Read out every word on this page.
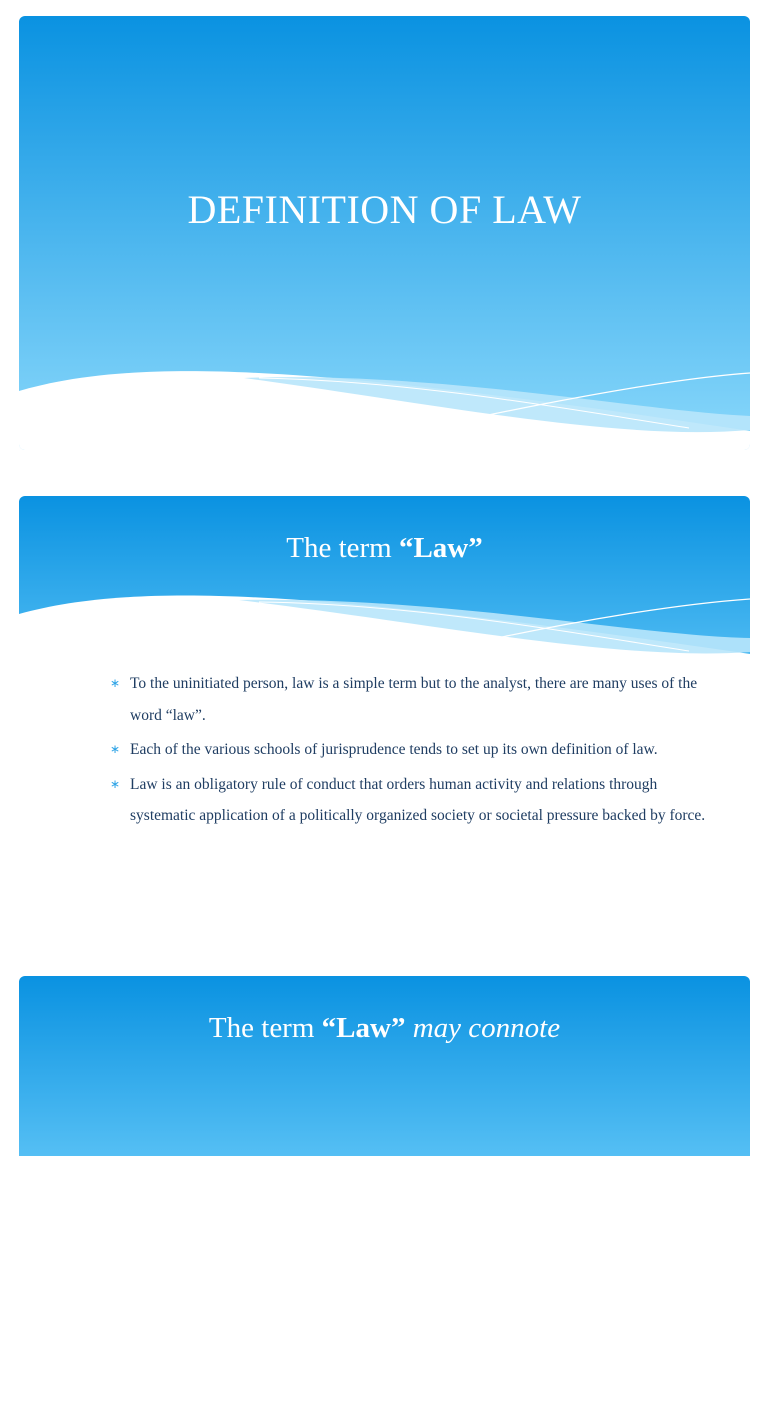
DEFINITION OF LAW
The term “Law”
∗ To the uninitiated person, law is a simple term but to the analyst, there are many uses of the word “law”.
∗ Each of the various schools of jurisprudence tends to set up its own definition of law.
∗ Law is an obligatory rule of conduct that orders human activity and relations through systematic application of a politically organized society or societal pressure backed by force.
The term “Law” may connote
